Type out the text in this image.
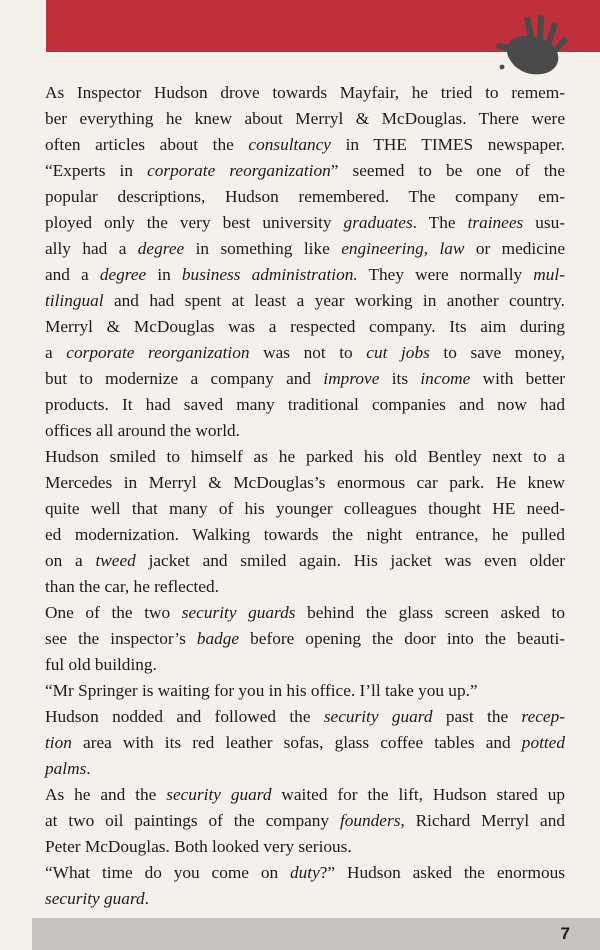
As Inspector Hudson drove towards Mayfair, he tried to remem-

ber everything he knew about Merryl & McDouglas. There were

often articles about the consultancy in THE TIMES newspaper.

“Experts in corporate reorganization” seemed to be one of the

popular descriptions, Hudson remembered. The company em-

ployed only the very best university graduates. The trainees usu-

ally had a degree in something like engineering, law or medicine

and a degree in business administration. They were normally mul-

tilingual and had spent at least a year working in another country.

Merryl & McDouglas was a respected company. Its aim during

a corporate reorganization was not to cut jobs to save money,

but to modernize a company and improve its income with better

products. It had saved many traditional companies and now had

offices all around the world.

Hudson smiled to himself as he parked his old Bentley next to a

Mercedes in Merryl & McDouglas’s enormous car park. He knew

quite well that many of his younger colleagues thought HE need-

ed modernization. Walking towards the night entrance, he pulled

on a tweed jacket and smiled again. His jacket was even older

than the car, he reflected.

One of the two security guards behind the glass screen asked to

see the inspector’s badge before opening the door into the beauti-

ful old building.

“Mr Springer is waiting for you in his office. I’ll take you up.”

Hudson nodded and followed the security guard past the recep-

tion area with its red leather sofas, glass coffee tables and potted

palms.

As he and the security guard waited for the lift, Hudson stared up

at two oil paintings of the company founders, Richard Merryl and

Peter McDouglas. Both looked very serious.

“What time do you come on duty?” Hudson asked the enormous

security guard.

7
